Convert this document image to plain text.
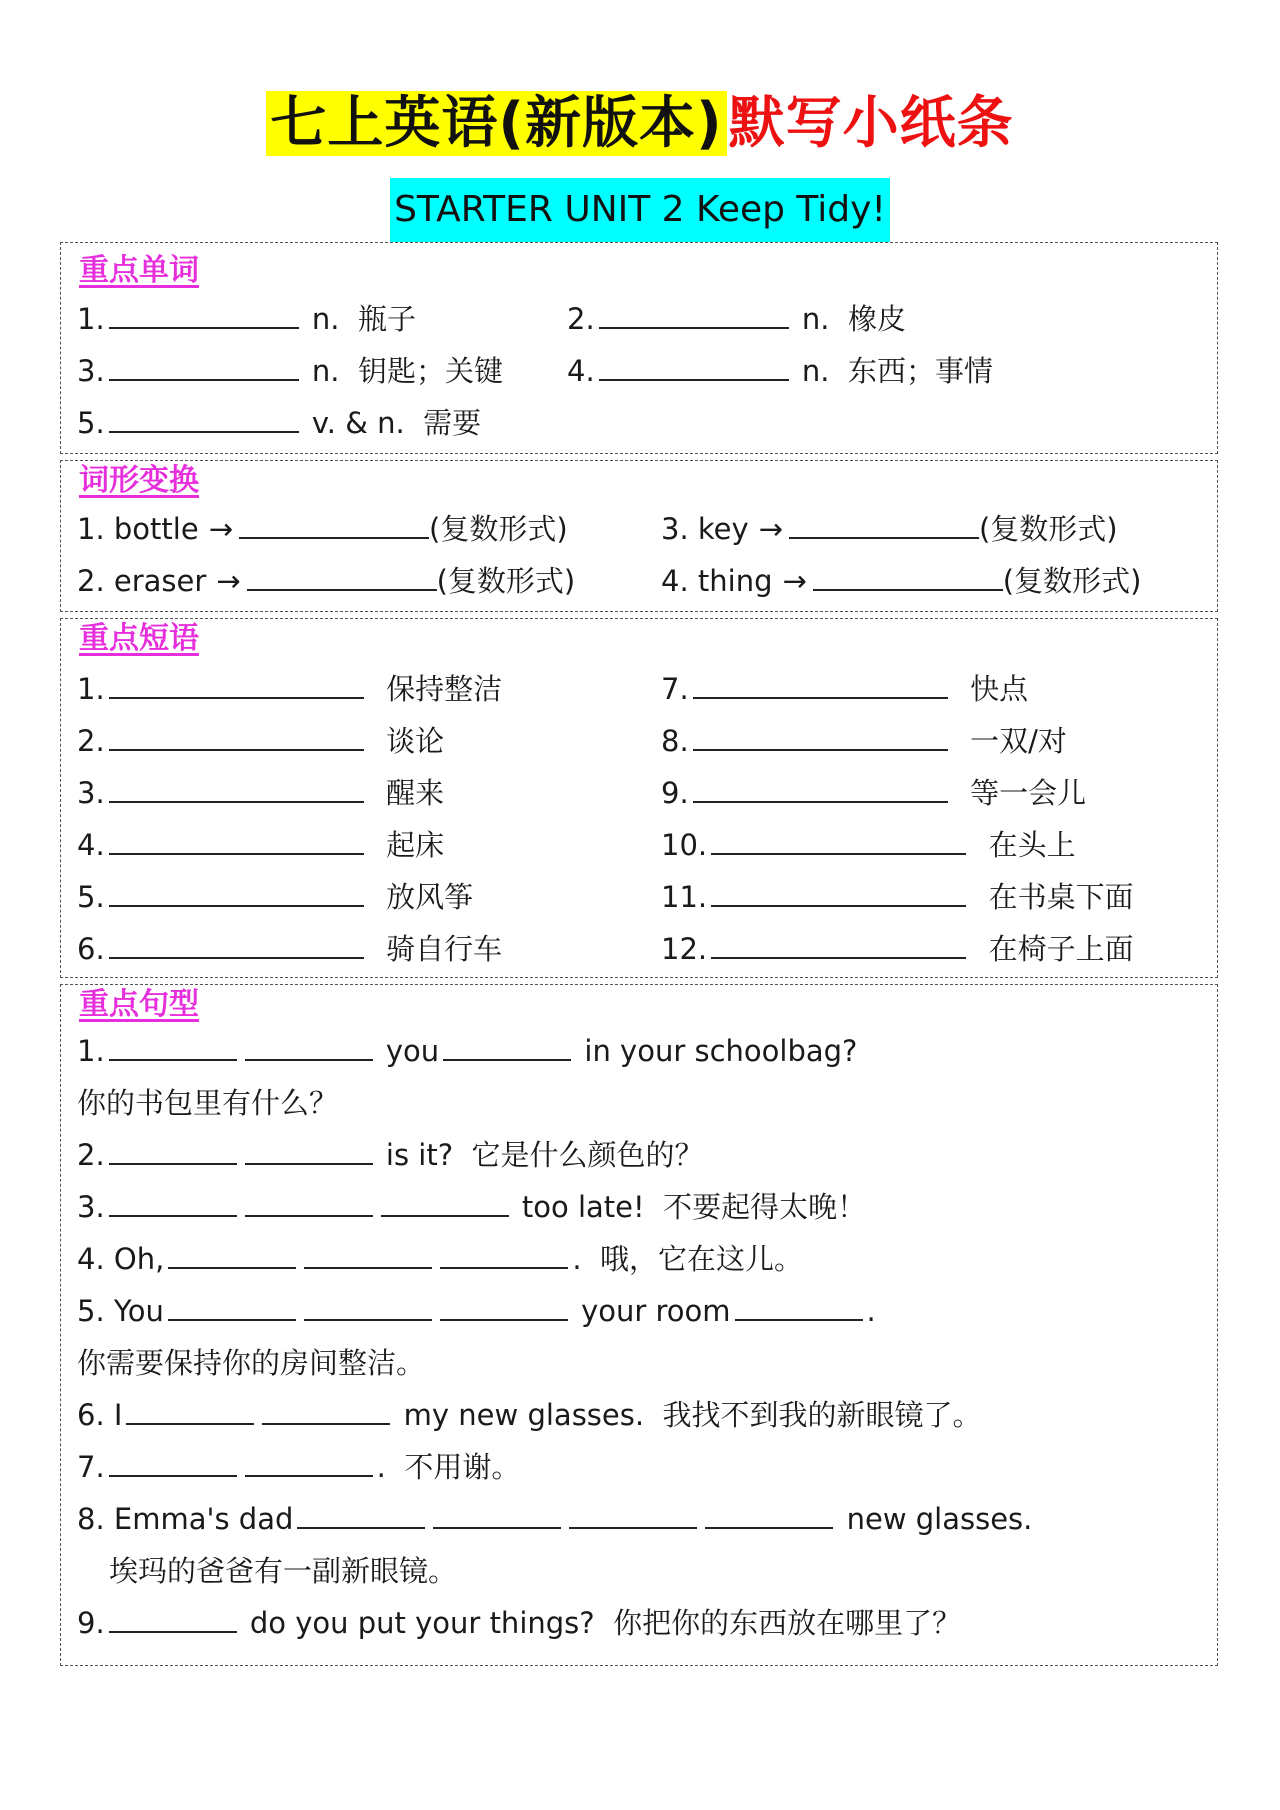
七上英语(新版本) 默写小纸条
STARTER UNIT 2 Keep Tidy!
重点单词
1.	n. 瓶子	2.	n. 橡皮
3.	n. 钥匙；关键 4.	n. 东西；事情
5.	v. & n. 需要
词形变换
1. bottle →	(复数形式)	3. key →	(复数形式)
2. eraser →	(复数形式)	4. thing →	(复数形式)
重点短语
1.	保持整洁
2.	谈论
3.	醒来
4.	起床
5.	放风筝
6.	骑自行车
7.	快点
8.	一双/对
9.	等一会儿
10.	在头上
11.	在书桌下面
12.	在椅子上面
重点句型
1.	you	in your schoolbag?
你的书包里有什么？
2.	is it? 它是什么颜色的？
3.	too late! 不要起得太晚！
4. Oh,	. 哦，它在这儿。
5. You	your room	.
你需要保持你的房间整洁。
6. I	my new glasses. 我找不到我的新眼镜了。
7.	. 不用谢。
8. Emma's dad	new glasses.
埃玛的爸爸有一副新眼镜。
9.	do you put your things? 你把你的东西放在哪里了？
